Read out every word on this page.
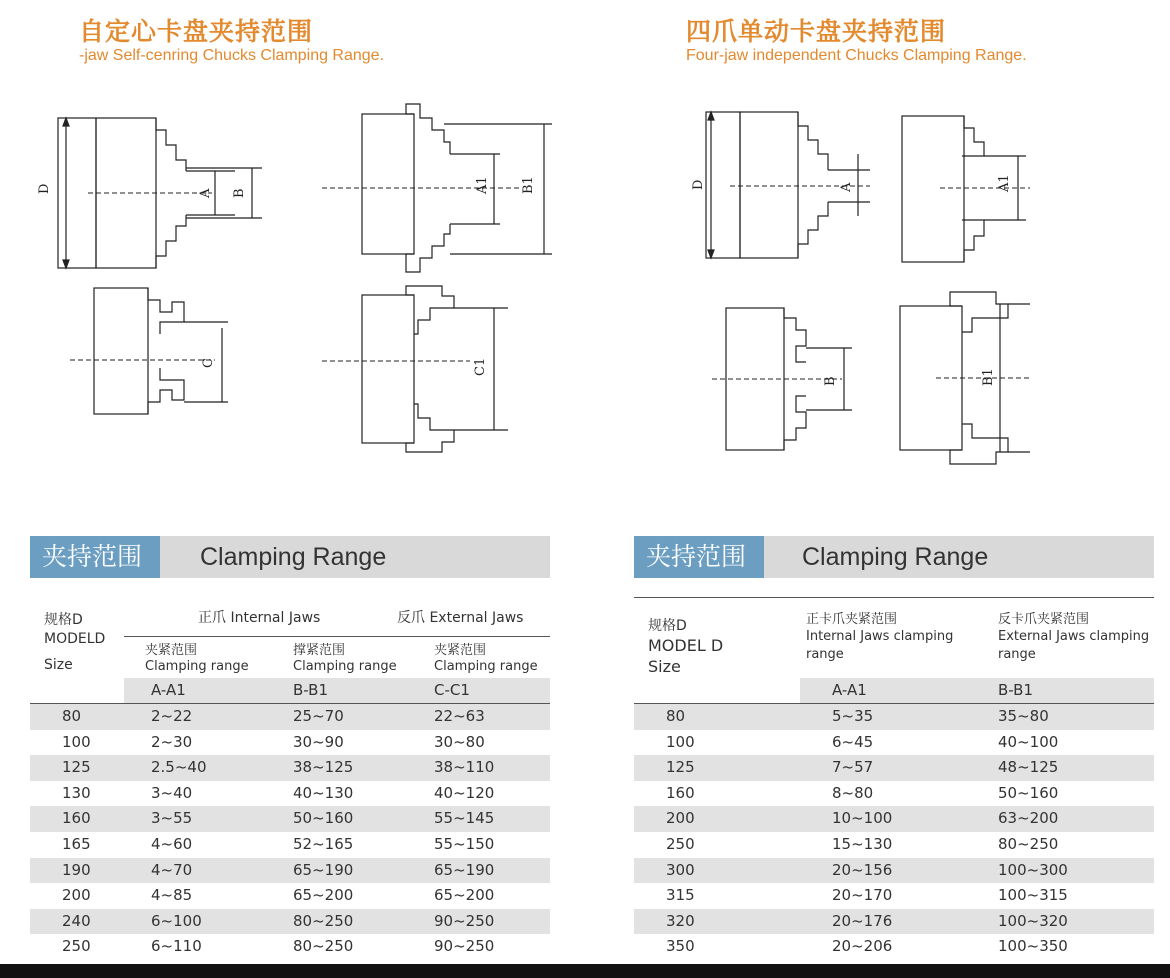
自定心卡盘夹持范围
-jaw Self-cenring Chucks Clamping Range.
四爪单动卡盘夹持范围
Four-jaw independent Chucks Clamping Range.
D	A B	A1 B1
C	C1
D	A	A1
B	B1
夹持范围	Clamping Range
规格D
MODELD
Size
正爪 Internal Jaws	反爪 External Jaws
夹紧范围
Clamping range
撑紧范围
Clamping range
夹紧范围
Clamping range
A-A1	B-B1	C-C1
80	2~22	25~70	22~63
100	2~30	30~90	30~80
125	2.5~40	38~125	38~110
130	3~40	40~130	40~120
160	3~55	50~160	55~145
165	4~60	52~165	55~150
190	4~70	65~190	65~190
200	4~85	65~200	65~200
240	6~100	80~250	90~250
250	6~110	80~250	90~250
夹持范围	Clamping Range
规格D
MODEL D
Size
正卡爪夹紧范围
Internal Jaws clamping
range
反卡爪夹紧范围
External Jaws clamping
range
A-A1	B-B1
80	5~35	35~80
100	6~45	40~100
125	7~57	48~125
160	8~80	50~160
200	10~100	63~200
250	15~130	80~250
300	20~156	100~300
315	20~170	100~315
320	20~176	100~320
350	20~206	100~350
